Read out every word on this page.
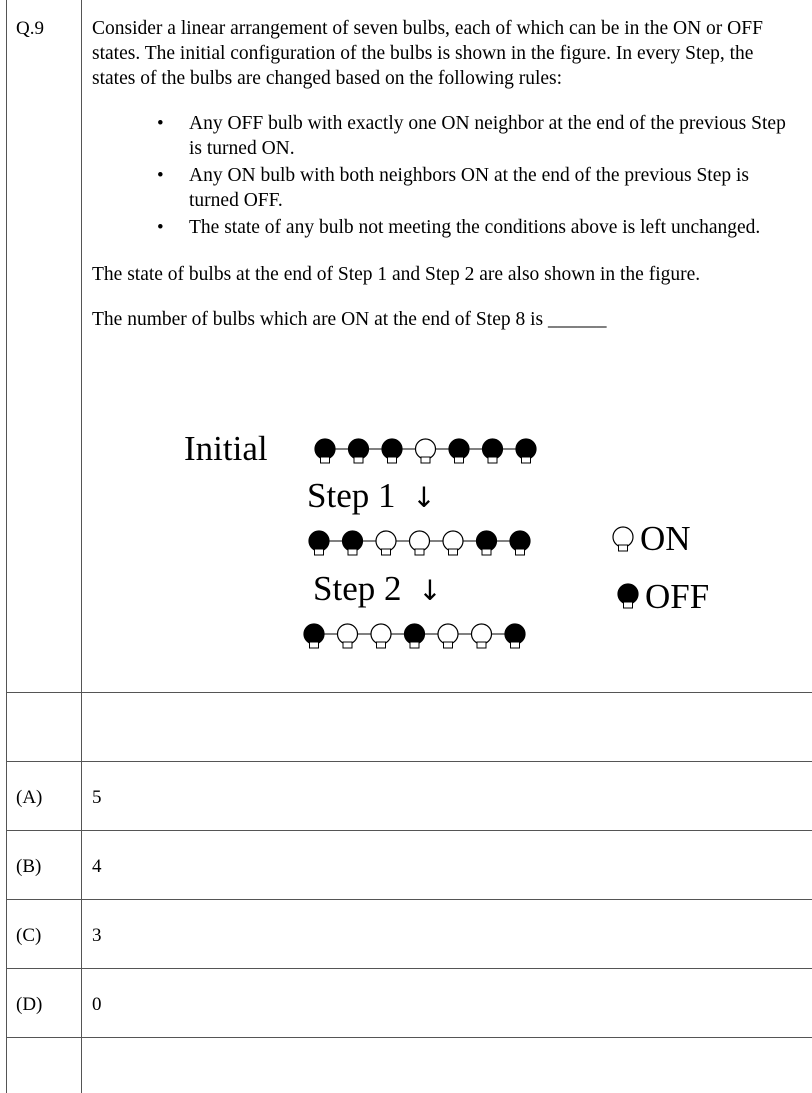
Q.9 Consider a linear arrangement of seven bulbs, each of which can be in the ON or OFF states. The initial configuration of the bulbs is shown in the figure. In every Step, the states of the bulbs are changed based on the following rules:

• Any OFF bulb with exactly one ON neighbor at the end of the previous Step is turned ON.
• Any ON bulb with both neighbors ON at the end of the previous Step is turned OFF.
• The state of any bulb not meeting the conditions above is left unchanged.

The state of bulbs at the end of Step 1 and Step 2 are also shown in the figure.

The number of bulbs which are ON at the end of Step 8 is ______

Initial
Step 1 ↓
Step 2 ↓
ON
OFF
(A)	5
(B)	4
(C)	3
(D)	0
